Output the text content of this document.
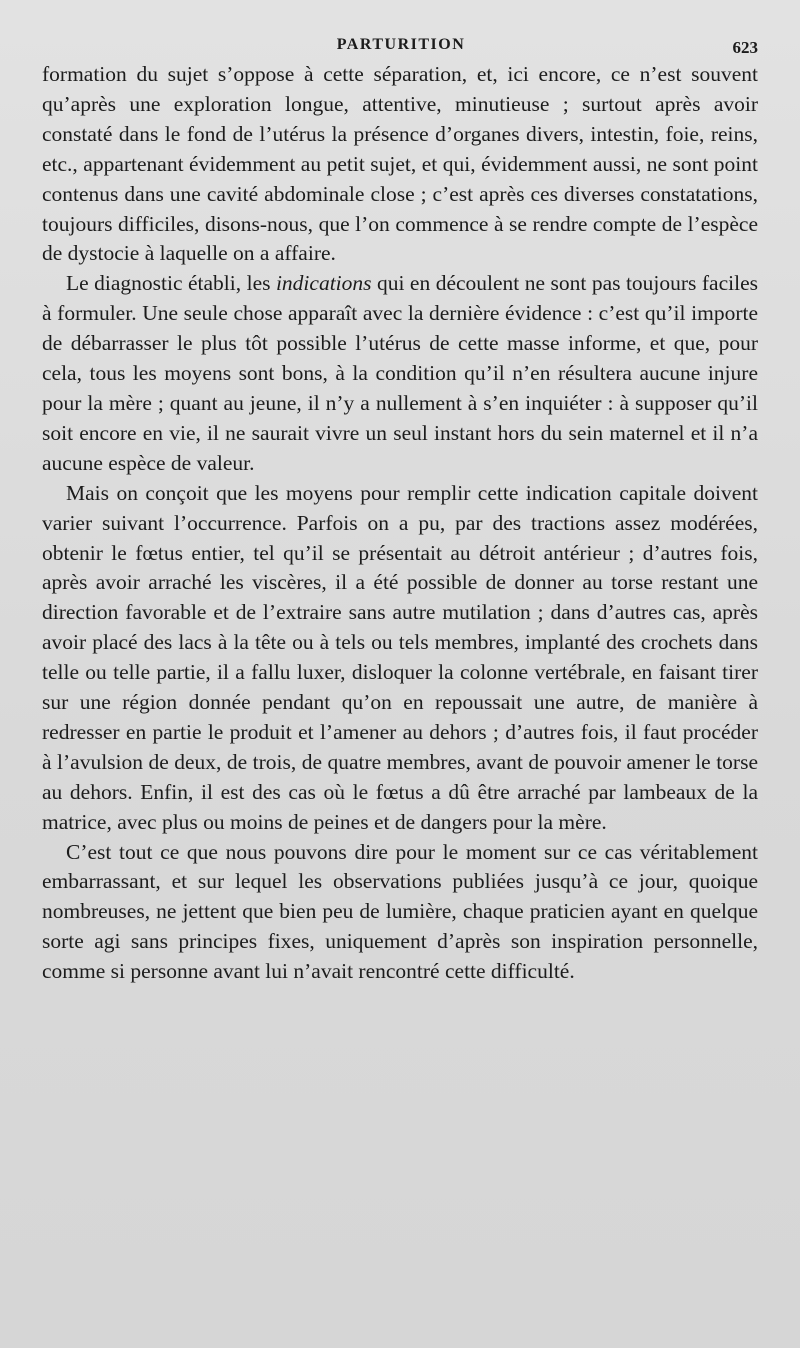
PARTURITION	623

formation du sujet s’oppose à cette séparation, et, ici encore, ce n’est souvent qu’après une exploration longue, attentive, minutieuse ; surtout après avoir constaté dans le fond de l’utérus la présence d’organes divers, intestin, foie, reins, etc., appartenant évidemment au petit sujet, et qui, évidemment aussi, ne sont point contenus dans une cavité abdominale close ; c’est après ces diverses constatations, toujours difficiles, disons-nous, que l’on commence à se rendre compte de l’espèce de dystocie à laquelle on a affaire.

Le diagnostic établi, les indications qui en découlent ne sont pas toujours faciles à formuler. Une seule chose apparaît avec la dernière évidence : c’est qu’il importe de débarrasser le plus tôt possible l’utérus de cette masse informe, et que, pour cela, tous les moyens sont bons, à la condition qu’il n’en résultera aucune injure pour la mère ; quant au jeune, il n’y a nullement à s’en inquiéter : à supposer qu’il soit encore en vie, il ne saurait vivre un seul instant hors du sein maternel et il n’a aucune espèce de valeur.

Mais on conçoit que les moyens pour remplir cette indication capitale doivent varier suivant l’occurrence. Parfois on a pu, par des tractions assez modérées, obtenir le fœtus entier, tel qu’il se présentait au détroit antérieur ; d’autres fois, après avoir arraché les viscères, il a été possible de donner au torse restant une direction favorable et de l’extraire sans autre mutilation ; dans d’autres cas, après avoir placé des lacs à la tête ou à tels ou tels membres, implanté des crochets dans telle ou telle partie, il a fallu luxer, disloquer la colonne vertébrale, en faisant tirer sur une région donnée pendant qu’on en repoussait une autre, de manière à redresser en partie le produit et l’amener au dehors ; d’autres fois, il faut procéder à l’avulsion de deux, de trois, de quatre membres, avant de pouvoir amener le torse au dehors. Enfin, il est des cas où le fœtus a dû être arraché par lambeaux de la matrice, avec plus ou moins de peines et de dangers pour la mère.

C’est tout ce que nous pouvons dire pour le moment sur ce cas véritablement embarrassant, et sur lequel les observations publiées jusqu’à ce jour, quoique nombreuses, ne jettent que bien peu de lumière, chaque praticien ayant en quelque sorte agi sans principes fixes, uniquement d’après son inspiration personnelle, comme si personne avant lui n’avait rencontré cette difficulté.
